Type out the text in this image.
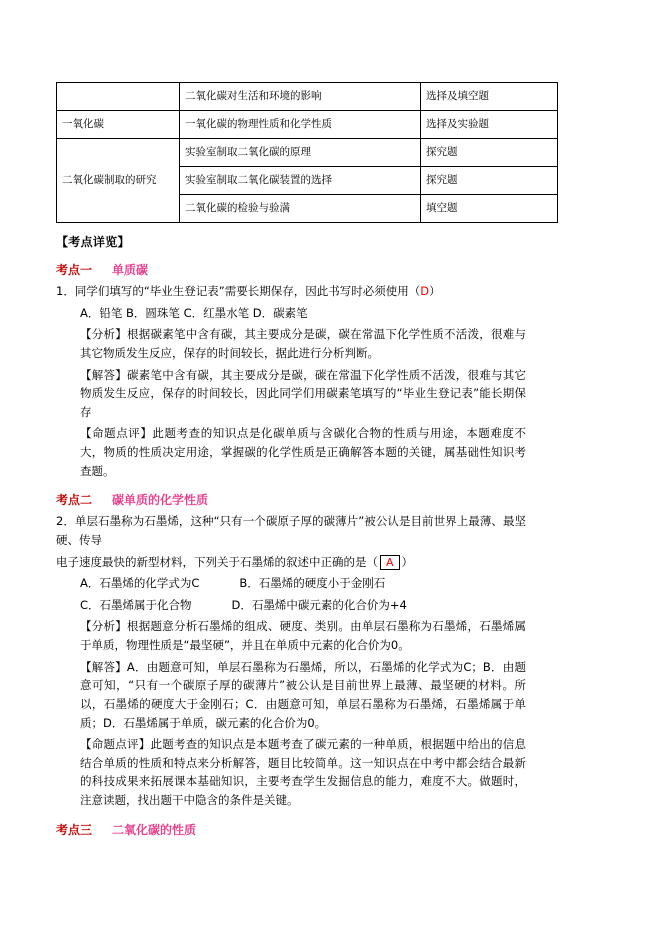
	二氧化碳对生活和环境的影响	选择及填空题
一氧化碳	一氧化碳的物理性质和化学性质	选择及实验题
二氧化碳制取的研究	实验室制取二氧化碳的原理	探究题
	实验室制取二氧化碳装置的选择	探究题
	二氧化碳的检验与验满	填空题
【考点详览】
考点一 单质碳

1．同学们填写的“毕业生登记表”需要长期保存，因此书写时必须使用（D）

A．铅笔 B．圆珠笔 C．红墨水笔 D．碳素笔

【分析】根据碳素笔中含有碳，其主要成分是碳，碳在常温下化学性质不活泼，很难与其它物质发生反应，保存的时间较长，据此进行分析判断。

【解答】碳素笔中含有碳，其主要成分是碳，碳在常温下化学性质不活泼，很难与其它物质发生反应，保存的时间较长，因此同学们用碳素笔填写的“毕业生登记表”能长期保存

【命题点评】此题考查的知识点是化碳单质与含碳化合物的性质与用途，本题难度不大，物质的性质决定用途，掌握碳的化学性质是正确解答本题的关键，属基础性知识考查题。

考点二 碳单质的化学性质

2．单层石墨称为石墨烯，这种“只有一个碳原子厚的碳薄片”被公认是目前世界上最薄、最坚硬、传导

电子速度最快的新型材料，下列关于石墨烯的叙述中正确的是（ A ）

A．石墨烯的化学式为C	B．石墨烯的硬度小于金刚石

C．石墨烯属于化合物	D．石墨烯中碳元素的化合价为+4

【分析】根据题意分析石墨烯的组成、硬度、类别。由单层石墨称为石墨烯，石墨烯属于单质，物理性质是“最坚硬”，并且在单质中元素的化合价为0。

【解答】A．由题意可知，单层石墨称为石墨烯，所以，石墨烯的化学式为C；B．由题意可知，“只有一个碳原子厚的碳薄片”被公认是目前世界上最薄、最坚硬的材料。所以，石墨烯的硬度大于金刚石；C．由题意可知，单层石墨称为石墨烯，石墨烯属于单质；D．石墨烯属于单质，碳元素的化合价为0。

【命题点评】此题考查的知识点是本题考查了碳元素的一种单质，根据题中给出的信息结合单质的性质和特点来分析解答，题目比较简单。这一知识点在中考中都会结合最新的科技成果来拓展课本基础知识，主要考查学生发掘信息的能力，难度不大。做题时，注意读题，找出题干中隐含的条件是关键。

考点三 二氧化碳的性质
